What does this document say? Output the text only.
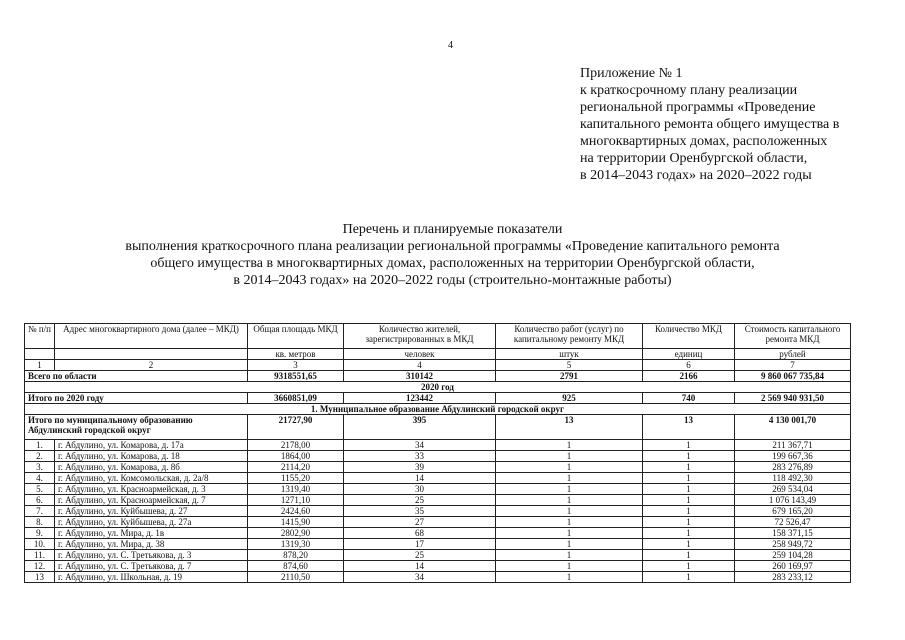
4
Приложение № 1
к краткосрочному плану реализации
региональной программы «Проведение
капитального ремонта общего имущества в
многоквартирных домах, расположенных
на территории Оренбургской области,
в 2014–2043 годах» на 2020–2022 годы
Перечень и планируемые показатели
выполнения краткосрочного плана реализации региональной программы «Проведение капитального ремонта
общего имущества в многоквартирных домах, расположенных на территории Оренбургской области,
в 2014–2043 годах» на 2020–2022 годы (строительно-монтажные работы)
№ п/п	Адрес многоквартирного дома (далее – МКД)	Общая площадь МКД	Количество жителей, зарегистрированных в МКД	Количество работ (услуг) по капитальному ремонту МКД	Количество МКД	Стоимость капитального ремонта МКД
		кв. метров	человек	штук	единиц	рублей
1	2	3	4	5	6	7
Всего по области		9318551,65	310142	2791	2166	9 860 067 735,84
2020 год						
Итого по 2020 году		3660851,09	123442	925	740	2 569 940 931,50
1. Муниципальное образование Абдулинский городской округ						
Итого по муниципальному образованию Абдулинский городской округ		21727,90	395	13	13	4 130 001,70
1.	г. Абдулино, ул. Комарова, д. 17а	2178,00	34	1	1	211 367,71
2.	г. Абдулино, ул. Комарова, д. 18	1864,00	33	1	1	199 667,36
3.	г. Абдулино, ул. Комарова, д. 8б	2114,20	39	1	1	283 276,89
4.	г. Абдулино, ул. Комсомольская, д. 2а/8	1155,20	14	1	1	118 492,30
5.	г. Абдулино, ул. Красноармейская, д. 3	1319,40	30	1	1	269 534,04
6.	г. Абдулино, ул. Красноармейская, д. 7	1271,10	25	1	1	1 076 143,49
7.	г. Абдулино, ул. Куйбышева, д. 27	2424,60	35	1	1	679 165,20
8.	г. Абдулино, ул. Куйбышева, д. 27а	1415,90	27	1	1	72 526,47
9.	г. Абдулино, ул. Мира, д. 1в	2802,90	68	1	1	158 371,15
10.	г. Абдулино, ул. Мира, д. 38	1319,30	17	1	1	258 949,72
11.	г. Абдулино, ул. С. Третьякова, д. 3	878,20	25	1	1	259 104,28
12.	г. Абдулино, ул. С. Третьякова, д. 7	874,60	14	1	1	260 169,97
13	г. Абдулино, ул. Школьная, д. 19	2110,50	34	1	1	283 233,12
